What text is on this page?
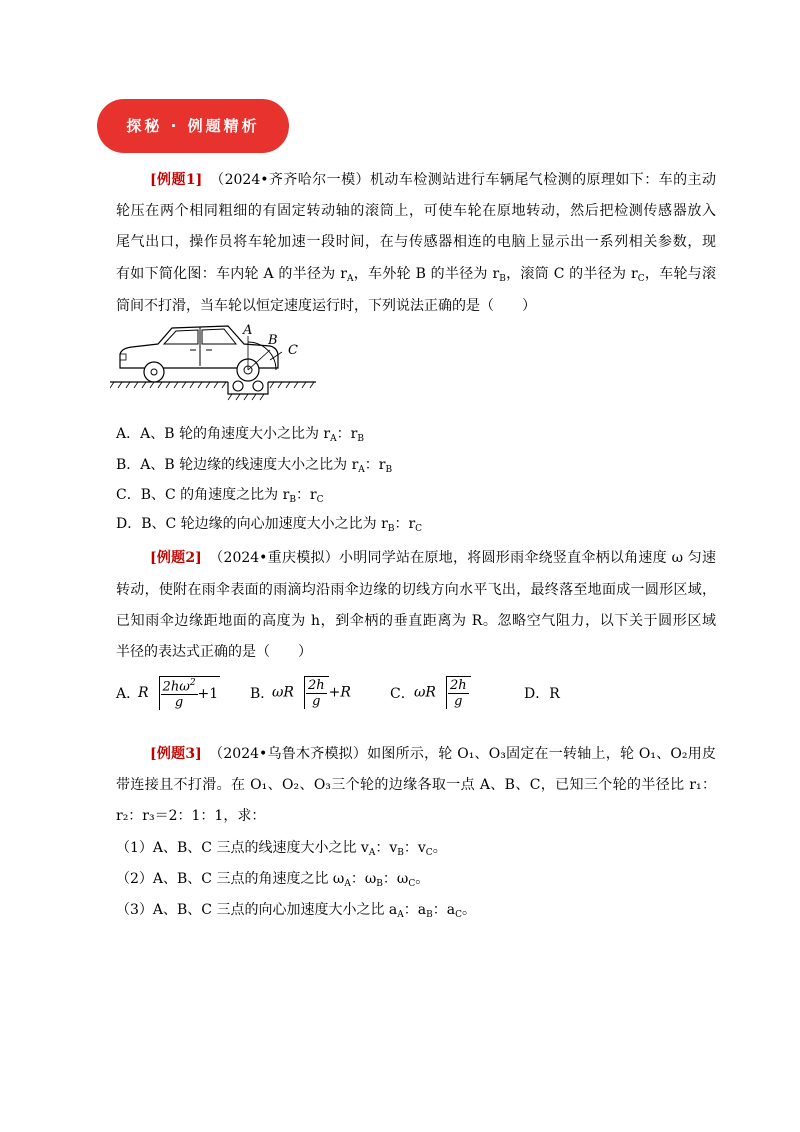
探秘 · 例题精析
[例题1]　 （2024•齐齐哈尔一模）机动车检测站进行车辆尾气检测的原理如下：车的主动
轮压在两个相同粗细的有固定转动轴的滚筒上，可使车轮在原地转动，然后把检测传感器放入
尾气出口，操作员将车轮加速一段时间，在与传感器相连的电脑上显示出一系列相关参数，现
有如下简化图：车内轮 A 的半径为 $r_A$，车外轮 B 的半径为 $r_B$，滚筒 C 的半径为 $r_C$，车轮与滚
筒间不打滑，当车轮以恒定速度运行时，下列说法正确的是（　　）
A
B
C
A．A、B 轮的角速度大小之比为 $r_A$：$r_B$
B．A、B 轮边缘的线速度大小之比为 $r_A$：$r_B$
C．B、C 的角速度之比为 $r_B$：$r_C$
D．B、C 轮边缘的向心加速度大小之比为 $r_B$：$r_C$
[例题2]　 （2024•重庆模拟）小明同学站在原地，将圆形雨伞绕竖直伞柄以角速度 ω 匀速
转动，使附在雨伞表面的雨滴均沿雨伞边缘的切线方向水平飞出，最终落至地面成一圆形区域，
已知雨伞边缘距地面的高度为 h，到伞柄的垂直距离为 R。忽略空气阻力，以下关于圆形区域
半径的表达式正确的是（　　）
A．
R $\frac{2h\omega^2}{g} +1$ B．
ωR $\frac{2h}{g} +R$	C． ωR $\frac{2h}{g}$	D．R
[例题3]　 （2024•乌鲁木齐模拟）如图所示，轮 O₁、O₃固定在一转轴上，轮 O₁、O₂用皮
带连接且不打滑。在 O₁、O₂、O₃三个轮的边缘各取一点 A、B、C，已知三个轮的半径比 r₁：
r₂：r₃＝2：1：1，求：
（1）A、B、C 三点的线速度大小之比 $v_A$：$v_B$：$v_C$。
（2）A、B、C 三点的角速度之比 $\omega_A$：$\omega_B$：$\omega_C$。
（3）A、B、C 三点的向心加速度大小之比 $a_A$：$a_B$：$a_C$。
